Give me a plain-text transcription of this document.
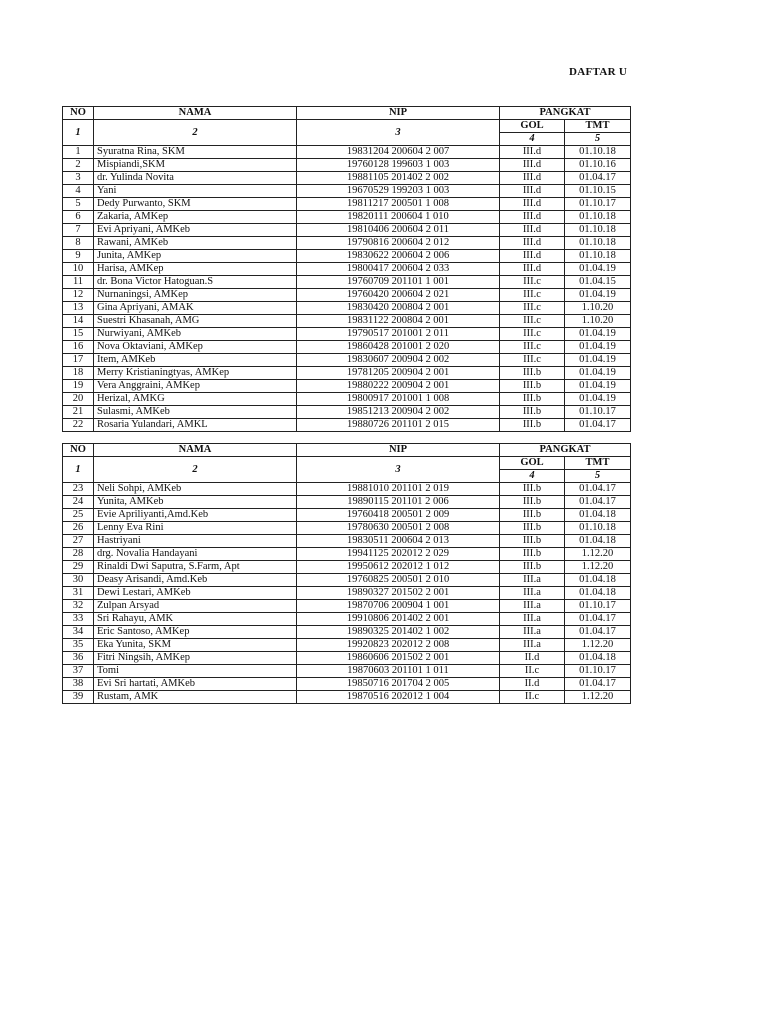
DAFTAR U
NO	NAMA	NIP	PANGKAT	
1	2	3	GOL	TMT
			4	5
1	Syuratna Rina, SKM	19831204 200604 2 007	III.d	01.10.18
2	Mispiandi,SKM	19760128 199603 1 003	III.d	01.10.16
3	dr. Yulinda Novita	19881105 201402 2 002	III.d	01.04.17
4	Yani	19670529 199203 1 003	III.d	01.10.15
5	Dedy Purwanto, SKM	19811217 200501 1 008	III.d	01.10.17
6	Zakaria, AMKep	19820111 200604 1 010	III.d	01.10.18
7	Evi Apriyani, AMKeb	19810406 200604 2 011	III.d	01.10.18
8	Rawani, AMKeb	19790816 200604 2 012	III.d	01.10.18
9	Junita, AMKep	19830622 200604 2 006	III.d	01.10.18
10	Harisa, AMKep	19800417 200604 2 033	III.d	01.04.19
11	dr. Bona Victor Hatoguan.S	19760709 201101 1 001	III.c	01.04.15
12	Nurnaningsi, AMKep	19760420 200604 2 021	III.c	01.04.19
13	Gina Apriyani, AMAK	19830420 200804 2 001	III.c	1.10.20
14	Suestri Khasanah, AMG	19831122 200804 2 001	III.c	1.10.20
15	Nurwiyani, AMKeb	19790517 201001 2 011	III.c	01.04.19
16	Nova Oktaviani, AMKep	19860428 201001 2 020	III.c	01.04.19
17	Item, AMKeb	19830607 200904 2 002	III.c	01.04.19
18	Merry Kristianingtyas, AMKep	19781205 200904 2 001	III.b	01.04.19
19	Vera Anggraini, AMKep	19880222 200904 2 001	III.b	01.04.19
20	Herizal, AMKG	19800917 201001 1 008	III.b	01.04.19
21	Sulasmi, AMKeb	19851213 200904 2 002	III.b	01.10.17
22	Rosaria Yulandari, AMKL	19880726 201101 2 015	III.b	01.04.17
NO	NAMA	NIP	PANGKAT	
1	2	3	GOL	TMT
			4	5
23	Neli Sohpi, AMKeb	19881010 201101 2 019	III.b	01.04.17
24	Yunita, AMKeb	19890115 201101 2 006	III.b	01.04.17
25	Evie Apriliyanti,Amd.Keb	19760418 200501 2 009	III.b	01.04.18
26	Lenny Eva Rini	19780630 200501 2 008	III.b	01.10.18
27	Hastriyani	19830511 200604 2 013	III.b	01.04.18
28	drg. Novalia Handayani	19941125 202012 2 029	III.b	1.12.20
29	Rinaldi Dwi Saputra, S.Farm, Apt	19950612 202012 1 012	III.b	1.12.20
30	Deasy Arisandi, Amd.Keb	19760825 200501 2 010	III.a	01.04.18
31	Dewi Lestari, AMKeb	19890327 201502 2 001	III.a	01.04.18
32	Zulpan Arsyad	19870706 200904 1 001	III.a	01.10.17
33	Sri Rahayu, AMK	19910806 201402 2 001	III.a	01.04.17
34	Eric Santoso, AMKep	19890325 201402 1 002	III.a	01.04.17
35	Eka Yunita, SKM	19920823 202012 2 008	III.a	1.12.20
36	Fitri Ningsih, AMKep	19860606 201502 2 001	II.d	01.04.18
37	Tomi	19870603 201101 1 011	II.c	01.10.17
38	Evi Sri hartati, AMKeb	19850716 201704 2 005	II.d	01.04.17
39	Rustam, AMK	19870516 202012 1 004	II.c	1.12.20
